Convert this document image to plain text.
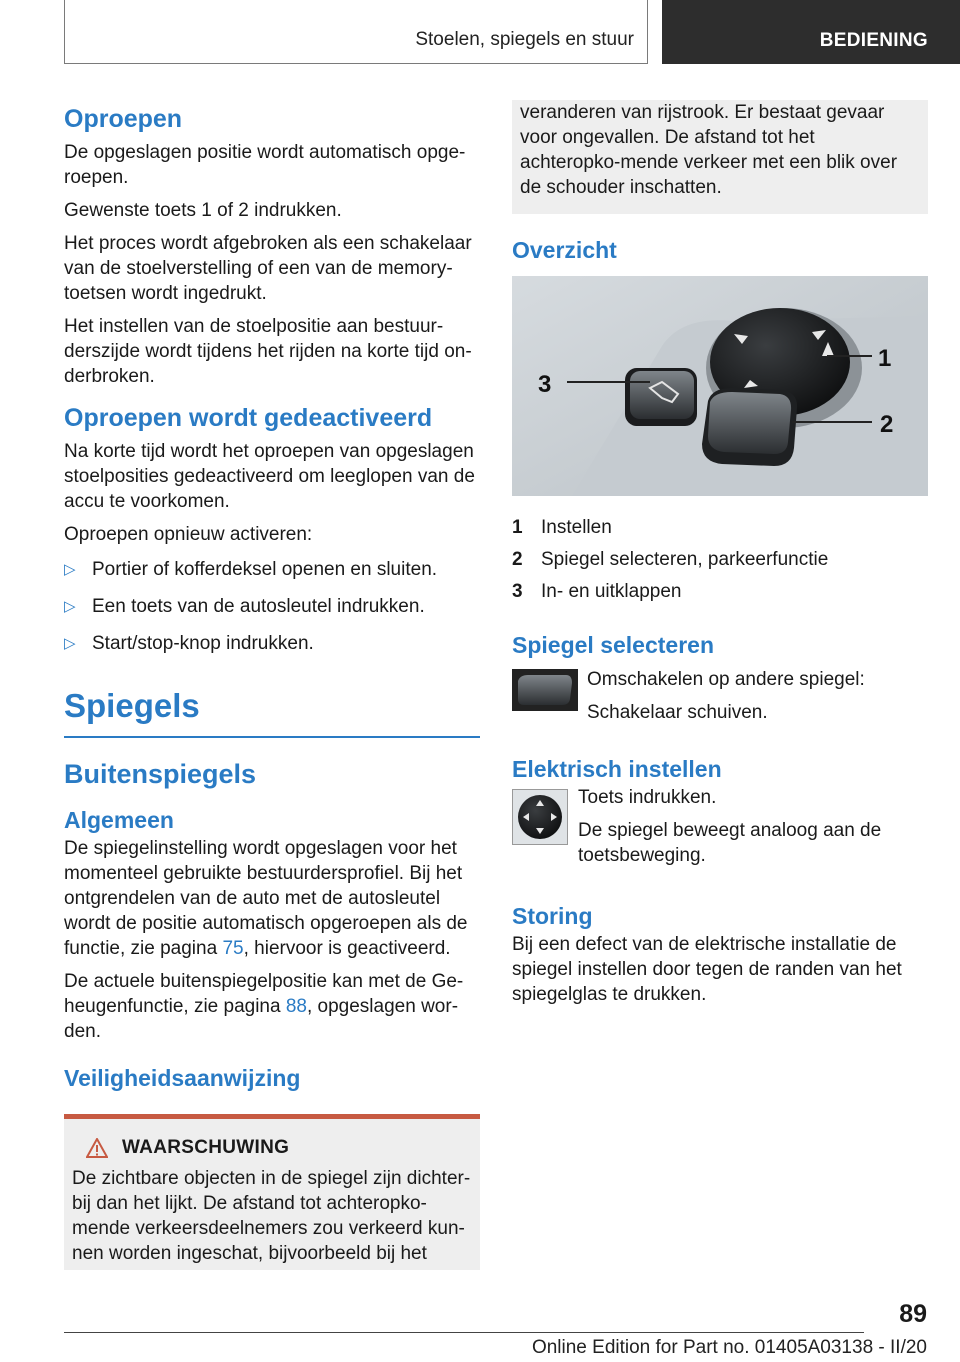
Stoelen, spiegels en stuur	BEDIENING
Oproepen

De opgeslagen positie wordt automatisch opge-roepen.

Gewenste toets 1 of 2 indrukken.

Het proces wordt afgebroken als een schakelaar van de stoelverstelling of een van de memory-toetsen wordt ingedrukt.

Het instellen van de stoelpositie aan bestuur-derszijde wordt tijdens het rijden na korte tijd on-derbroken.

Oproepen wordt gedeactiveerd

Na korte tijd wordt het oproepen van opgeslagen stoelposities gedeactiveerd om leeglopen van de accu te voorkomen.

Oproepen opnieuw activeren:

▷ Portier of kofferdeksel openen en sluiten.
▷ Een toets van de autosleutel indrukken.
▷ Start/stop-knop indrukken.
Spiegels
Buitenspiegels
Algemeen

De spiegelinstelling wordt opgeslagen voor het momenteel gebruikte bestuurdersprofiel. Bij het ontgrendelen van de auto met de autosleutel wordt de positie automatisch opgeroepen als de functie, zie pagina 75, hiervoor is geactiveerd.

De actuele buitenspiegelpositie kan met de Ge-heugenfunctie, zie pagina 88, opgeslagen wor-den.

Veiligheidsaanwijzing
WAARSCHUWING

De zichtbare objecten in de spiegel zijn dichter-bij dan het lijkt. De afstand tot achteropko-mende verkeersdeelnemers zou verkeerd kun-nen worden ingeschat, bijvoorbeeld bij het

veranderen van rijstrook. Er bestaat gevaar voor ongevallen. De afstand tot het achteropko-mende verkeer met een blik over de schouder inschatten.

Overzicht
1
2
3
1 Instellen
2 Spiegel selecteren, parkeerfunctie
3 In- en uitklappen
Spiegel selecteren

Omschakelen op andere spiegel:

Schakelaar schuiven.

Elektrisch instellen

Toets indrukken.

De spiegel beweegt analoog aan de toetsbeweging.

Storing

Bij een defect van de elektrische installatie de spiegel instellen door tegen de randen van het spiegelglas te drukken.

89
Online Edition for Part no. 01405A03138 - II/20
